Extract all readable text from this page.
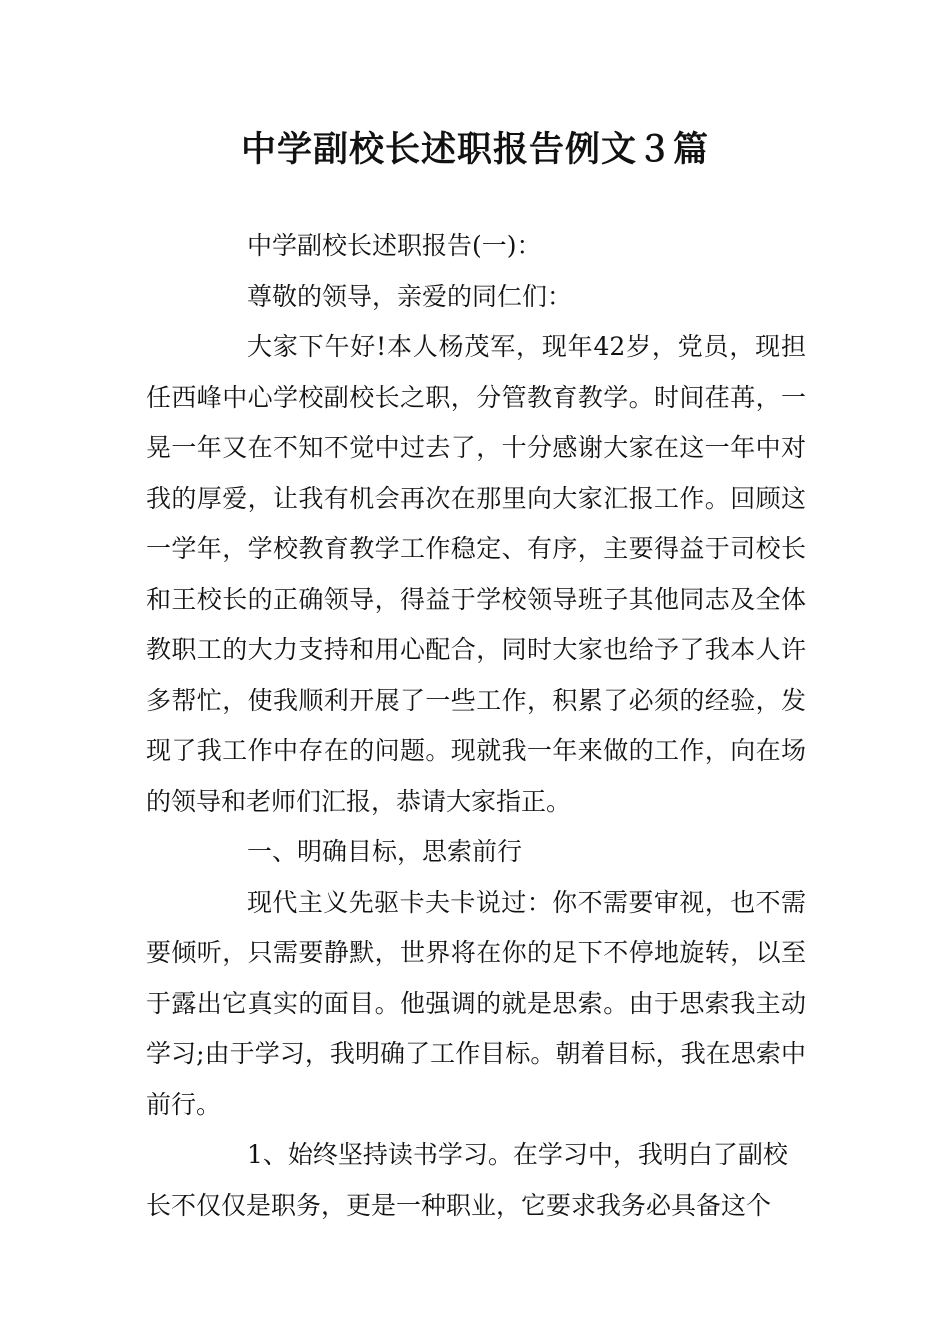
中学副校长述职报告例文３篇

中学副校长述职报告(一)：

尊敬的领导，亲爱的同仁们：

大家下午好!本人杨茂军，现年42岁，党员，现担任西峰中心学校副校长之职，分管教育教学。时间荏苒，一晃一年又在不知不觉中过去了，十分感谢大家在这一年中对我的厚爱，让我有机会再次在那里向大家汇报工作。回顾这一学年，学校教育教学工作稳定、有序，主要得益于司校长和王校长的正确领导，得益于学校领导班子其他同志及全体教职工的大力支持和用心配合，同时大家也给予了我本人许多帮忙，使我顺利开展了一些工作，积累了必须的经验，发现了我工作中存在的问题。现就我一年来做的工作，向在场的领导和老师们汇报，恭请大家指正。

一、明确目标，思索前行

现代主义先驱卡夫卡说过：你不需要审视，也不需要倾听，只需要静默，世界将在你的足下不停地旋转，以至于露出它真实的面目。他强调的就是思索。由于思索我主动学习;由于学习，我明确了工作目标。朝着目标，我在思索中前行。

1、始终坚持读书学习。在学习中，我明白了副校长不仅仅是职务，更是一种职业，它要求我务必具备这个
